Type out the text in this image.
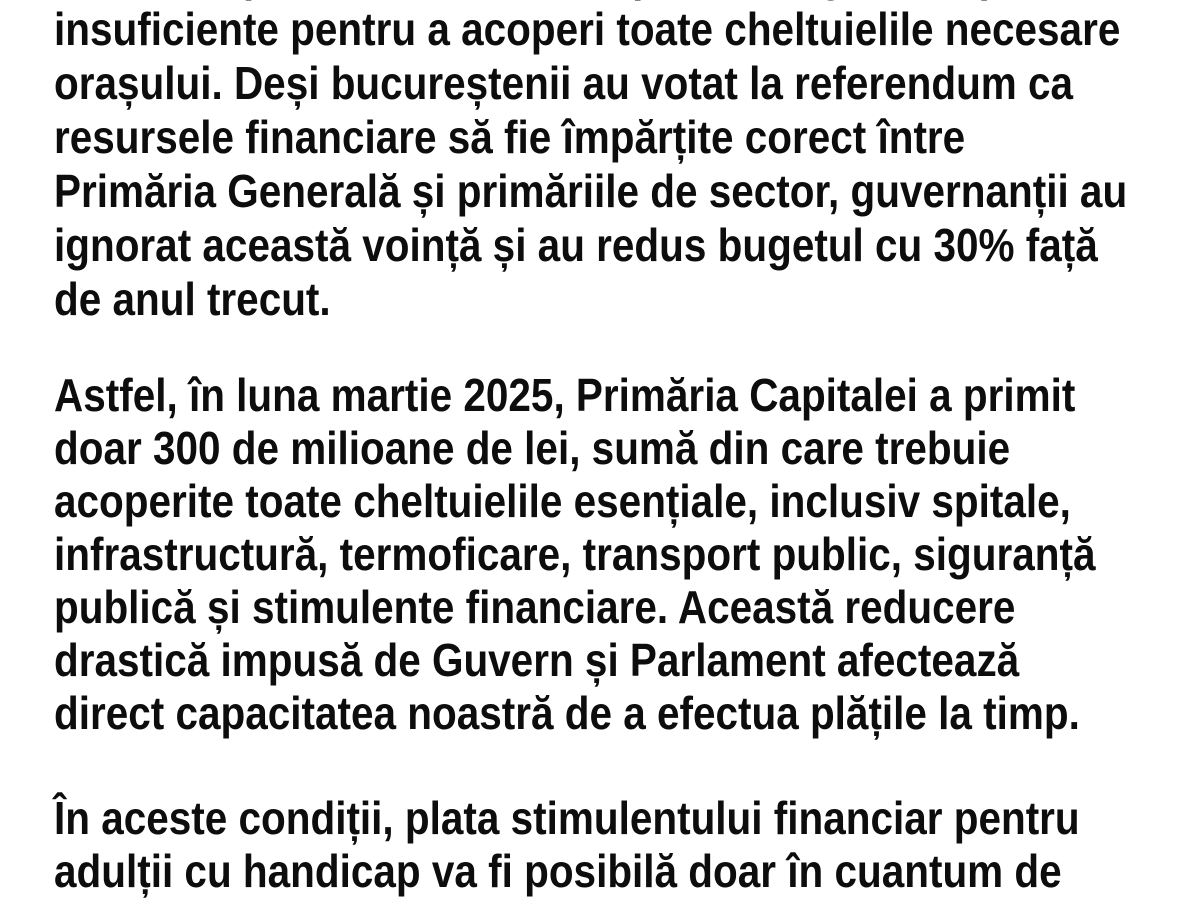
insuficiente pentru a acoperi toate cheltuielile necesare
orașului. Deși bucureștenii au votat la referendum ca
resursele financiare să fie împărțite corect între
Primăria Generală și primăriile de sector, guvernanții au
ignorat această voință și au redus bugetul cu 30% față
de anul trecut.
Astfel, în luna martie 2025, Primăria Capitalei a primit
doar 300 de milioane de lei, sumă din care trebuie
acoperite toate cheltuielile esențiale, inclusiv spitale,
infrastructură, termoficare, transport public, siguranță
publică și stimulente financiare. Această reducere
drastică impusă de Guvern și Parlament afectează
direct capacitatea noastră de a efectua plățile la timp.
În aceste condiții, plata stimulentului financiar pentru
adulții cu handicap va fi posibilă doar în cuantum de
